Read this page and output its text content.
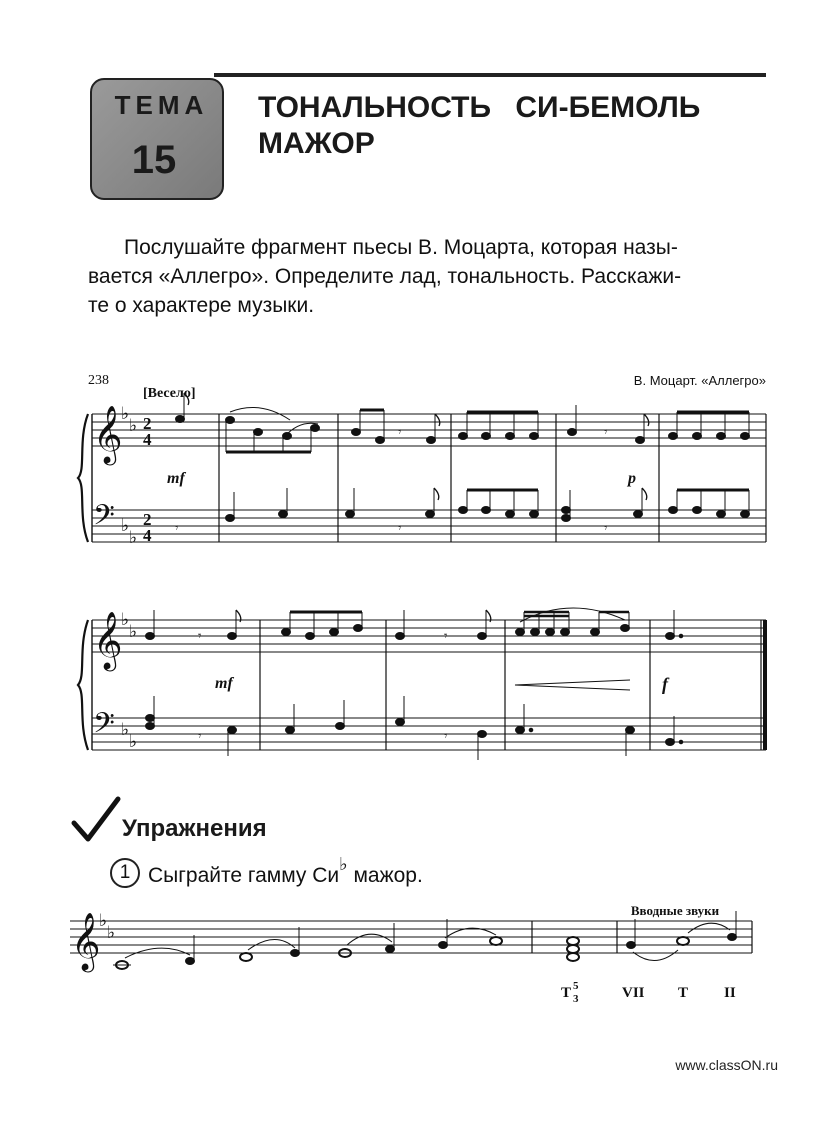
ТЕМА
15
ТОНАЛЬНОСТЬ СИ-БЕМОЛЬ
МАЖОР
Послушайте фрагмент пьесы В. Моцарта, которая назы-
вается «Аллегро». Определите лад, тональность. Расскажи-
те о характере музыки.
238
[Весело]
В. Моцарт. «Аллегро»
𝄞
𝄢
𝄞
𝄢
𝄞
♭
♭
♭
♭
♭
♭
♭
♭
♭
♭
2
4
2
4
mf	p
mf	f
𝄾	𝄾
𝄾	𝄾	𝄾
𝄾	𝄾
𝄾	𝄾
Упражнения
1 Сыграйте гамму Си♭ мажор.
Вводные звуки
T 5
3	VII T II
www.classON.ru
